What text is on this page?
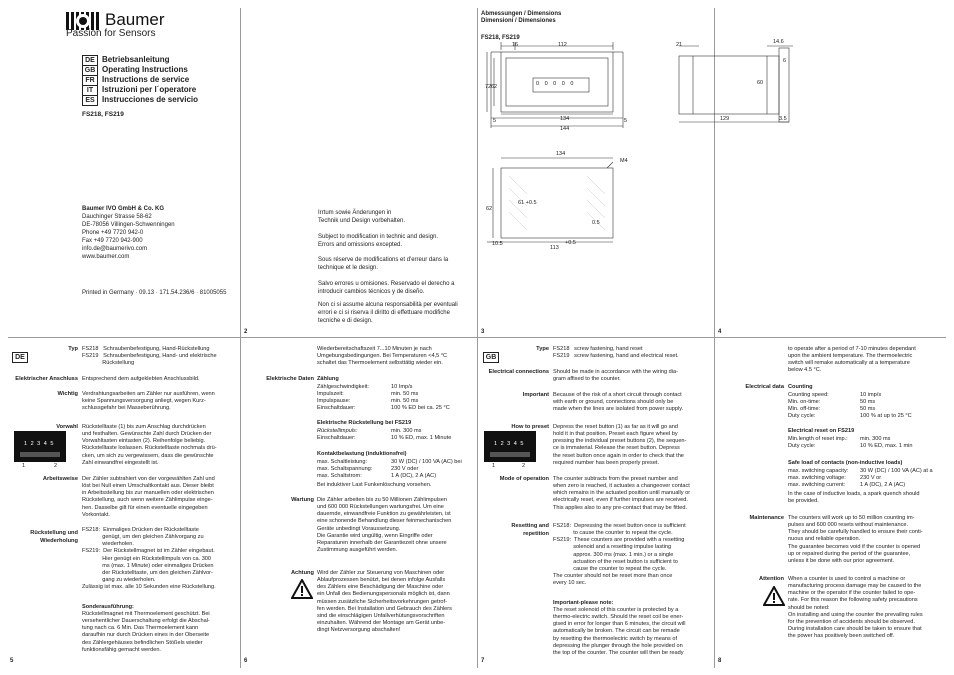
2	3	4
5	6	7	8
Baumer
Passion for Sensors
DE Betriebsanleitung
GB Operating Instructions
FR Instructions de service
IT Istruzioni per l´operatore
ES Instrucciones de servicio
FS218, FS219
Baumer IVO GmbH & Co. KG
Dauchinger Strasse 58-62
DE-78056 Villingen-Schwenningen
Phone +49 7720 942-0
Fax +49 7720 942-900
info.de@baumerivo.com
www.baumer.com
Printed in Germany · 09.13 · 171.54.236/6 · 81005055
Irrtum sowie Änderungen in
Technik und Design vorbehalten.
Subject to modification in technic and design.
Errors and omissions excepted.
Sous réserve de modifications et d'erreur dans la
technique et le design.
Salvo errores u omisiones. Reservado el derecho a
introducir cambios técnicos y de diseño.
Non ci si assume alcuna responsabilità per eventuali
errori e ci si riserva il diritto di effettuare modifiche
tecniche e di design.
Abmessungen / Dimensions
Dimensioni / Dimensiones
FS218, FS219
16	112
72 62
5	5
134
144
0 0 0 0 0
21	14.6
6
60
129	3.5
134
M4
62
61 +0.5
0.5
10.5
113
+0.5
DE
Typ FS218   Schraubenbefestigung, Hand-Rückstellung
FS219   Schraubenbefestigung, Hand- und elektrische
Rückstellung
Elektrischer Anschluss Entsprechend dem aufgeklebten Anschlussbild.
Wichtig Verdrahtungsarbeiten am Zähler nur ausführen, wenn
keine Spannungsversorgung anliegt, wegen Kurz-
schlussgefahr bei Masseberührung.
Vorwahl Rückstelltaste (1) bis zum Anschlag durchdrücken
und festhalten. Gewünschte Zahl durch Drücken der
Vorwahltasten eintasten (2). Reihenfolge beliebig.
Rückstelltaste loslassen. Rückstelltaste nochmals drü-
cken, um sich zu vergewissern, dass die gewünschte
Zahl einwandfrei eingestellt ist.
1 2 3 4 5
1	2
Arbeitsweise Der Zähler subtrahiert von der vorgewählten Zahl und
löst bei Null einen Umschaltkontakt aus. Dieser bleibt
in Arbeitsstellung bis zur manuellen oder elektrischen
Rückstellung, auch wenn weitere Zählimpulse einge-
hen. Dasselbe gilt für einen eventuelle eingegeben
Vorkontakt.
Rückstellung und
Wiederholung
FS218:  Einmaliges Drücken der Rückstelltaste
genügt, um den gleichen Zählvorgang zu
wiederholen.
FS219:  Der Rückstellmagnet ist im Zähler eingebaut.
Hier genügt ein Rückstellimpuls von ca. 300
ms (max. 1 Minute) oder einmaliges Drücken
der Rückstelltaste, um den gleichen Zählvor-
gang zu wiederholen.
Zulässig ist max. alle 10 Sekunden eine Rückstellung.
Sonderausführung:
Rückstellmagnet mit Thermoelement geschützt. Bei
versehentlicher Dauerschaltung erfolgt die Abschal-
tung nach ca. 6 Min. Das Thermoelement kann
daraufhin nur durch Drücken eines in der Oberseite
des Zählergehäuses befindlichen Stößels wieder
funktionsfähig gemacht werden.
Wiederbereitschaftszeit 7...10 Minuten je nach
Umgebungsbedingungen. Bei Temperaturen <4,5 °C
schaltet das Thermoelement selbsttätig wieder ein.
Elektrische Daten Zählung
Zählgeschwindigkeit:	10 Imp/s
Impulszeit:	min. 50 ms
Impulspause:	min. 50 ms
Einschaltdauer:	100 % ED bei ca. 25 °C
Elektrische Rückstellung bei FS219
Rückstellimpuls:	min. 300 ms
Einschaltdauer:	10 % ED, max. 1 Minute
Kontaktbelastung (induktionsfrei)
max. Schaltleistung:	30 W (DC) / 100 VA (AC) bei
max. Schaltspannung:	230 V oder
max. Schaltstrom:	1 A (DC), 2 A (AC)
Bei induktiver Last Funkenlöschung vorsehen.
Wartung Die Zähler arbeiten bis zu 50 Millionen Zählimpulsen
und 600 000 Rückstellungen wartungsfrei. Um eine
dauernde, einwandfreie Funktion zu gewährleisten, ist
eine schonende Behandlung dieser feinmechanischen
Geräte unbedingt Voraussetzung.
Die Garantie wird ungültig, wenn Eingriffe oder
Reparaturen innerhalb der Garantiezeit ohne unsere
Zustimmung ausgeführt werden.
Achtung Wird der Zähler zur Steuerung von Maschinen oder
Ablaufprozessen benützt, bei denen infolge Ausfalls
des Zählers eine Beschädigung der Maschine oder
ein Unfall des Bedienungspersonals möglich ist, dann
müssen zusätzliche Sicherheitsvorkehrungen getrof-
fen werden. Bei Installation und Gebrauch des Zählers
sind die einschlägigen Unfallverhütungsvorschriften
einzuhalten. Während der Montage am Gerät unbe-
dingt Netzversorgung abschalten!
GB
Type FS218   screw fastening, hand reset
FS219   screw fastening, hand and electrical reset.
Electrical connections Should be made in accordance with the wiring dia-
gram affixed to the counter.
Important Because of the risk of a short circuit through contact
with earth or ground, connections should only be
made when the lines are isolated from power supply.
How to preset Depress the reset button (1) as far as it will go and
hold it in that position. Preset each figure wheel by
pressing the individual preset buttons (2), the sequen-
ce is immaterial. Release the reset button. Depress
the reset button once again in order to check that the
required number has been properly preset.
1 2 3 4 5
1	2
Mode of operation The counter subtracts from the preset number and
when zero is reached, it actuates a changeover contact
which remains in the actuated position until manually or
electrically reset, even if further impulses are received.
This applies also to any pre-contact that may be fitted.
Resetting and
repetition
FS218:  Depressing the reset button once is sufficient
to cause the counter to repeat the cycle.
FS219:  These counters are provided with a resetting
solenoid and a resetting impulse lasting
approx. 300 ms (max. 1 min.) or a single
actuation of the reset button is sufficient to
cause the counter to repeat the cycle.
The counter should not be reset more than once
every 10 sec.
Important-please note:
The reset solenoid of this counter is protected by a
thermo-electric switch. Should the reset coil be ener-
gised in error for longer than 6 minutes, the circuit will
automatically be broken. The circuit can be remade
by resetting the thermoelectric switch by means of
depressing the plunger through the hole provided on
the top of the counter. The counter will then be ready
to operate after a period of 7-10 minutes dependant
upon the ambient temperature. The thermoelectric
switch will remake automatically at a temperature
below 4.5 °C.
Electrical data Counting
Counting speed:	10 imp/s
Min. on-time:	50 ms
Min. off-time:	50 ms
Duty cycle:	100 % at up to 25 °C
Electrical reset on FS219
Min.length of reset imp.: min. 300 ms
Duty cycle:	10 % ED, max. 1 min
Safe load of contacts (non-inductive loads)
max. switching capacity: 30 W (DC) / 100 VA (AC) at a
max. switching voltage:	230 V or
max. switching current:	1 A (DC), 2 A (AC)
In the case of inductive loads, a spark quench should
be provided.
Maintenance The counters will work up to 50 million counting im-
pulses and 600 000 resets without maintenance.
They should be carefully handled to ensure their conti-
nuous and reliable operation.
The guarantee becomes void if the counter is opened
up or repaired during the period of the guarantee,
unless it be done with our prior agreement.
Attention When a counter is used to control a machine or
manufacturing process damage may be caused to the
machine or the operator if the counter failed to ope-
rate. For this reason the following safety precautions
should be noted:
On installing and using the counter the prevailing rules
for the prevention of accidents should be observed.
During installation care should be taken to ensure that
the power has positively been switched off.
